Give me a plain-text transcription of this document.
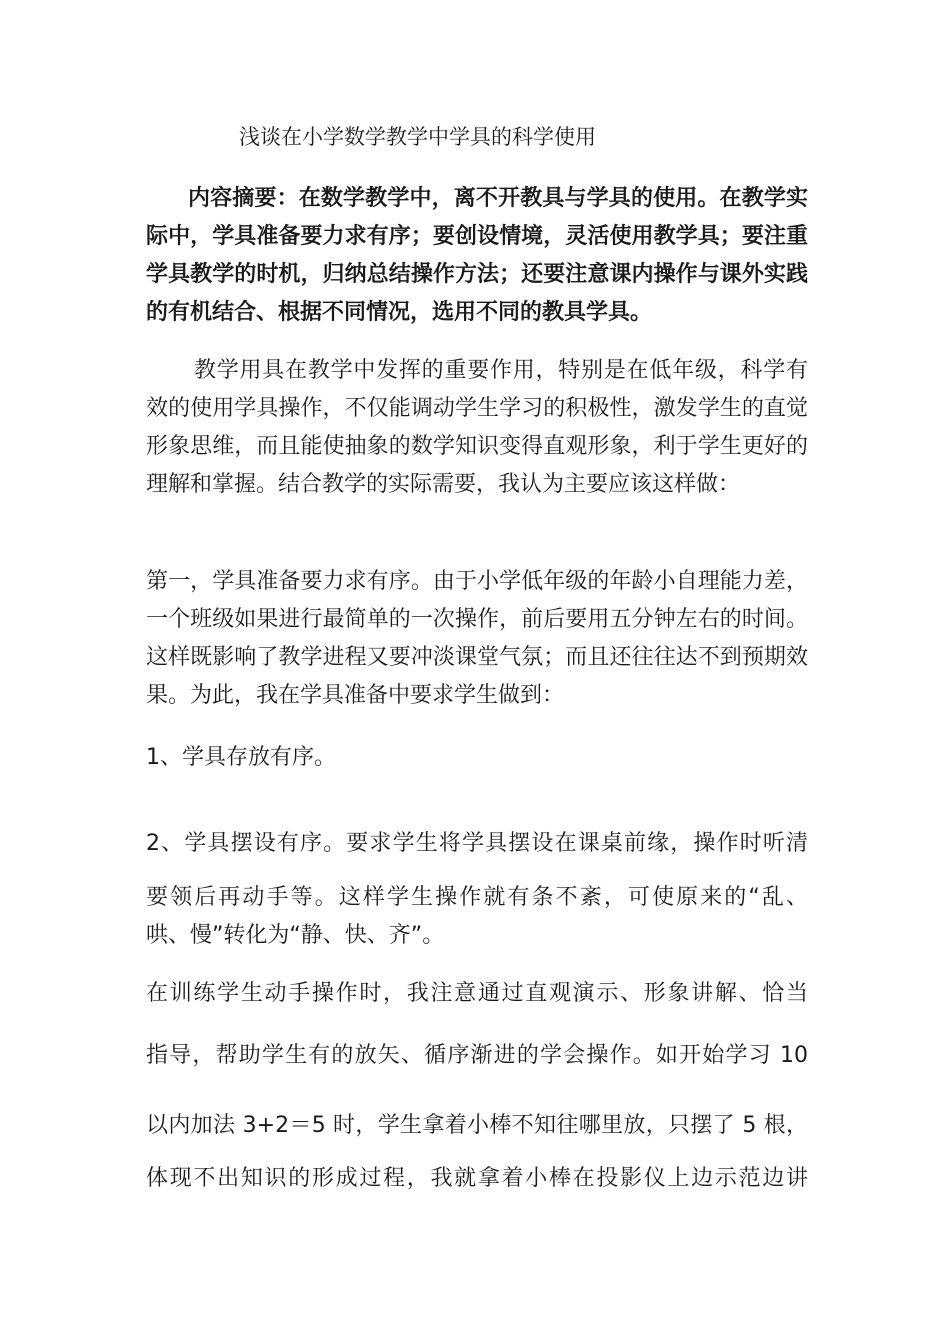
浅谈在小学数学教学中学具的科学使用

内容摘要：在数学教学中，离不开教具与学具的使用。在教学实际中，学具准备要力求有序；要创设情境，灵活使用教学具；要注重学具教学的时机，归纳总结操作方法；还要注意课内操作与课外实践的有机结合、根据不同情况，选用不同的教具学具。

教学用具在教学中发挥的重要作用，特别是在低年级，科学有效的使用学具操作，不仅能调动学生学习的积极性，激发学生的直觉形象思维，而且能使抽象的数学知识变得直观形象，利于学生更好的理解和掌握。结合教学的实际需要，我认为主要应该这样做：

第一，学具准备要力求有序。由于小学低年级的年龄小自理能力差，一个班级如果进行最简单的一次操作，前后要用五分钟左右的时间。这样既影响了教学进程又要冲淡课堂气氛；而且还往往达不到预期效果。为此，我在学具准备中要求学生做到：

1、学具存放有序。

2、学具摆设有序。要求学生将学具摆设在课桌前缘，操作时听清

要领后再动手等。这样学生操作就有条不紊，可使原来的“乱、

哄、慢”转化为“静、快、齐”。

在训练学生动手操作时，我注意通过直观演示、形象讲解、恰当

指导，帮助学生有的放矢、循序渐进的学会操作。如开始学习 10

以内加法 3+2＝5 时，学生拿着小棒不知往哪里放，只摆了 5 根，

体现不出知识的形成过程，我就拿着小棒在投影仪上边示范边讲
